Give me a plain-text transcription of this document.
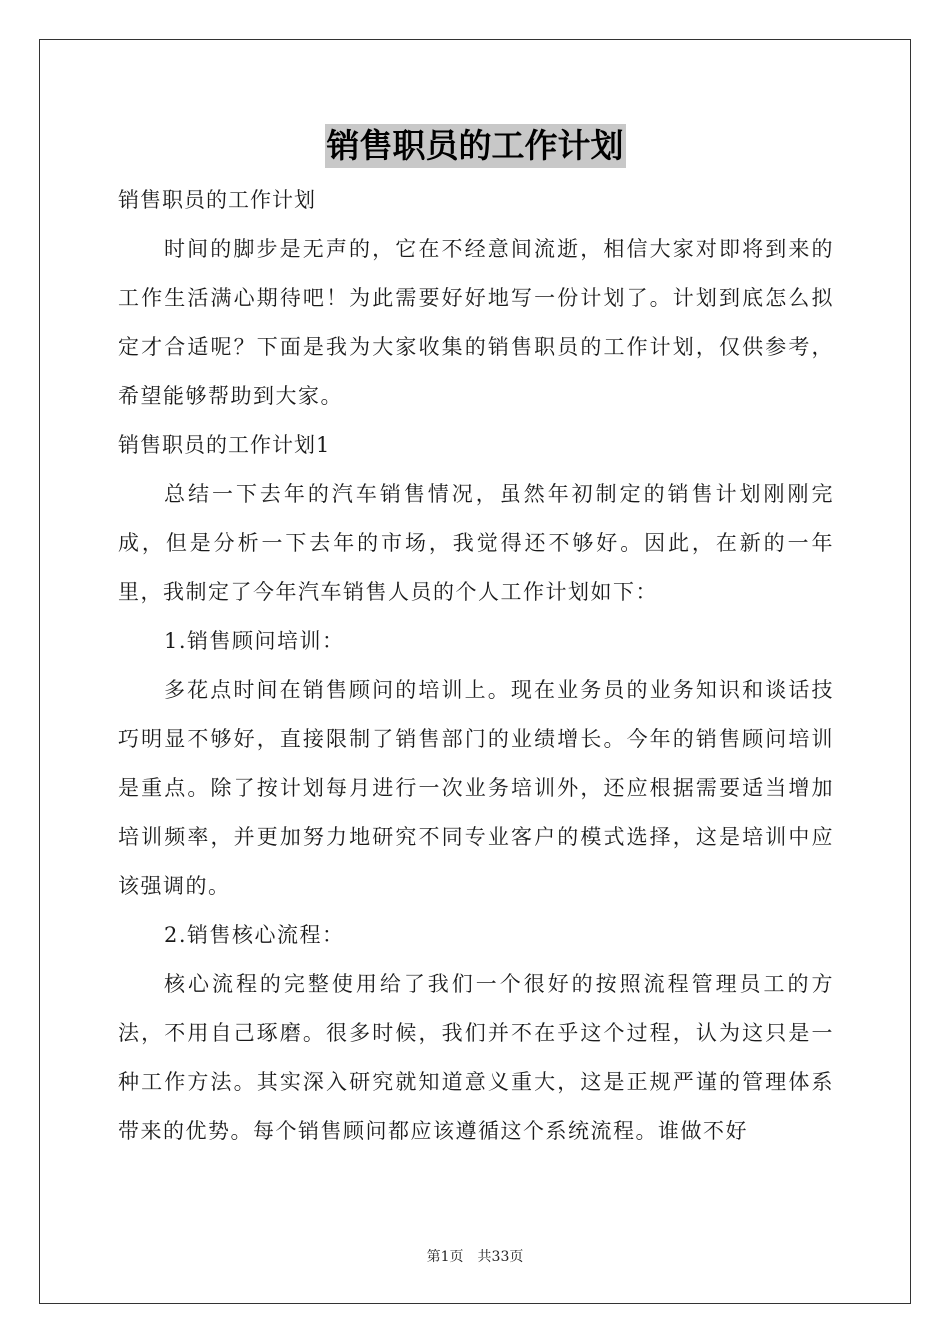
销售职员的工作计划

销售职员的工作计划

时间的脚步是无声的，它在不经意间流逝，相信大家对即将到来的工作生活满心期待吧！为此需要好好地写一份计划了。计划到底怎么拟定才合适呢？下面是我为大家收集的销售职员的工作计划，仅供参考，希望能够帮助到大家。

销售职员的工作计划1

总结一下去年的汽车销售情况，虽然年初制定的销售计划刚刚完成，但是分析一下去年的市场，我觉得还不够好。因此，在新的一年里，我制定了今年汽车销售人员的个人工作计划如下：

1.销售顾问培训：

多花点时间在销售顾问的培训上。现在业务员的业务知识和谈话技巧明显不够好，直接限制了销售部门的业绩增长。今年的销售顾问培训是重点。除了按计划每月进行一次业务培训外，还应根据需要适当增加培训频率，并更加努力地研究不同专业客户的模式选择，这是培训中应该强调的。

2.销售核心流程：

核心流程的完整使用给了我们一个很好的按照流程管理员工的方法，不用自己琢磨。很多时候，我们并不在乎这个过程，认为这只是一种工作方法。其实深入研究就知道意义重大，这是正规严谨的管理体系带来的优势。每个销售顾问都应该遵循这个系统流程。谁做不好

第1页　共33页
